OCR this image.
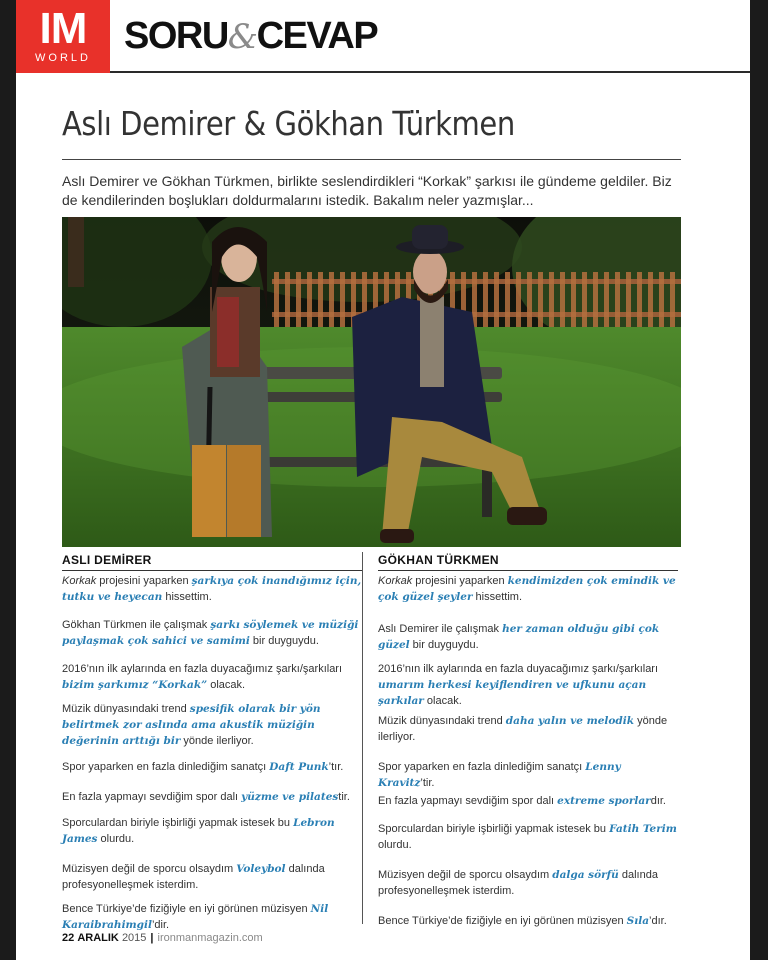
IM
WORLD
SORU&CEVAP
Aslı Demirer & Gökhan Türkmen
Aslı Demirer ve Gökhan Türkmen, birlikte seslendirdikleri “Korkak” şarkısı ile gündeme geldiler. Biz de kendilerinden boşlukları doldurmalarını istedik. Bakalım neler yazmışlar...
ASLI DEMİRER
Korkak projesini yaparken şarkıya çok inandığımız için, tutku ve heyecan hissettim.
Gökhan Türkmen ile çalışmak şarkı söylemek ve müziği paylaşmak çok sahici ve samimi bir duyguydu.
2016’nın ilk aylarında en fazla duyacağımız şarkı/şarkıları bizim şarkımız “Korkak” olacak.
Müzik dünyasındaki trend spesifik olarak bir yön belirtmek zor aslında ama akustik müziğin değerinin arttığı bir yönde ilerliyor.
Spor yaparken en fazla dinlediğim sanatçı Daft Punk’tır.
En fazla yapmayı sevdiğim spor dalı yüzme ve pilatestir.
Sporculardan biriyle işbirliği yapmak istesek bu Lebron James olurdu.
Müzisyen değil de sporcu olsaydım Voleybol dalında profesyonelleşmek isterdim.
Bence Türkiye’de fiziğiyle en iyi görünen müzisyen Nil Karaibrahimgil’dir.
GÖKHAN TÜRKMEN
Korkak projesini yaparken kendimizden çok emindik ve çok güzel şeyler hissettim.
Aslı Demirer ile çalışmak her zaman olduğu gibi çok güzel bir duyguydu.
2016’nın ilk aylarında en fazla duyacağımız şarkı/şarkıları umarım herkesi keyiflendiren ve ufkunu açan şarkılar olacak.
Müzik dünyasındaki trend daha yalın ve melodik yönde ilerliyor.
Spor yaparken en fazla dinlediğim sanatçı Lenny Kravitz’tir.
En fazla yapmayı sevdiğim spor dalı extreme sporlardır.
Sporculardan biriyle işbirliği yapmak istesek bu Fatih Terim olurdu.
Müzisyen değil de sporcu olsaydım dalga sörfü dalında profesyonelleşmek isterdim.
Bence Türkiye’de fiziğiyle en iyi görünen müzisyen Sıla’dır.
22 ARALIK 2015 | ironmanmagazin.com
